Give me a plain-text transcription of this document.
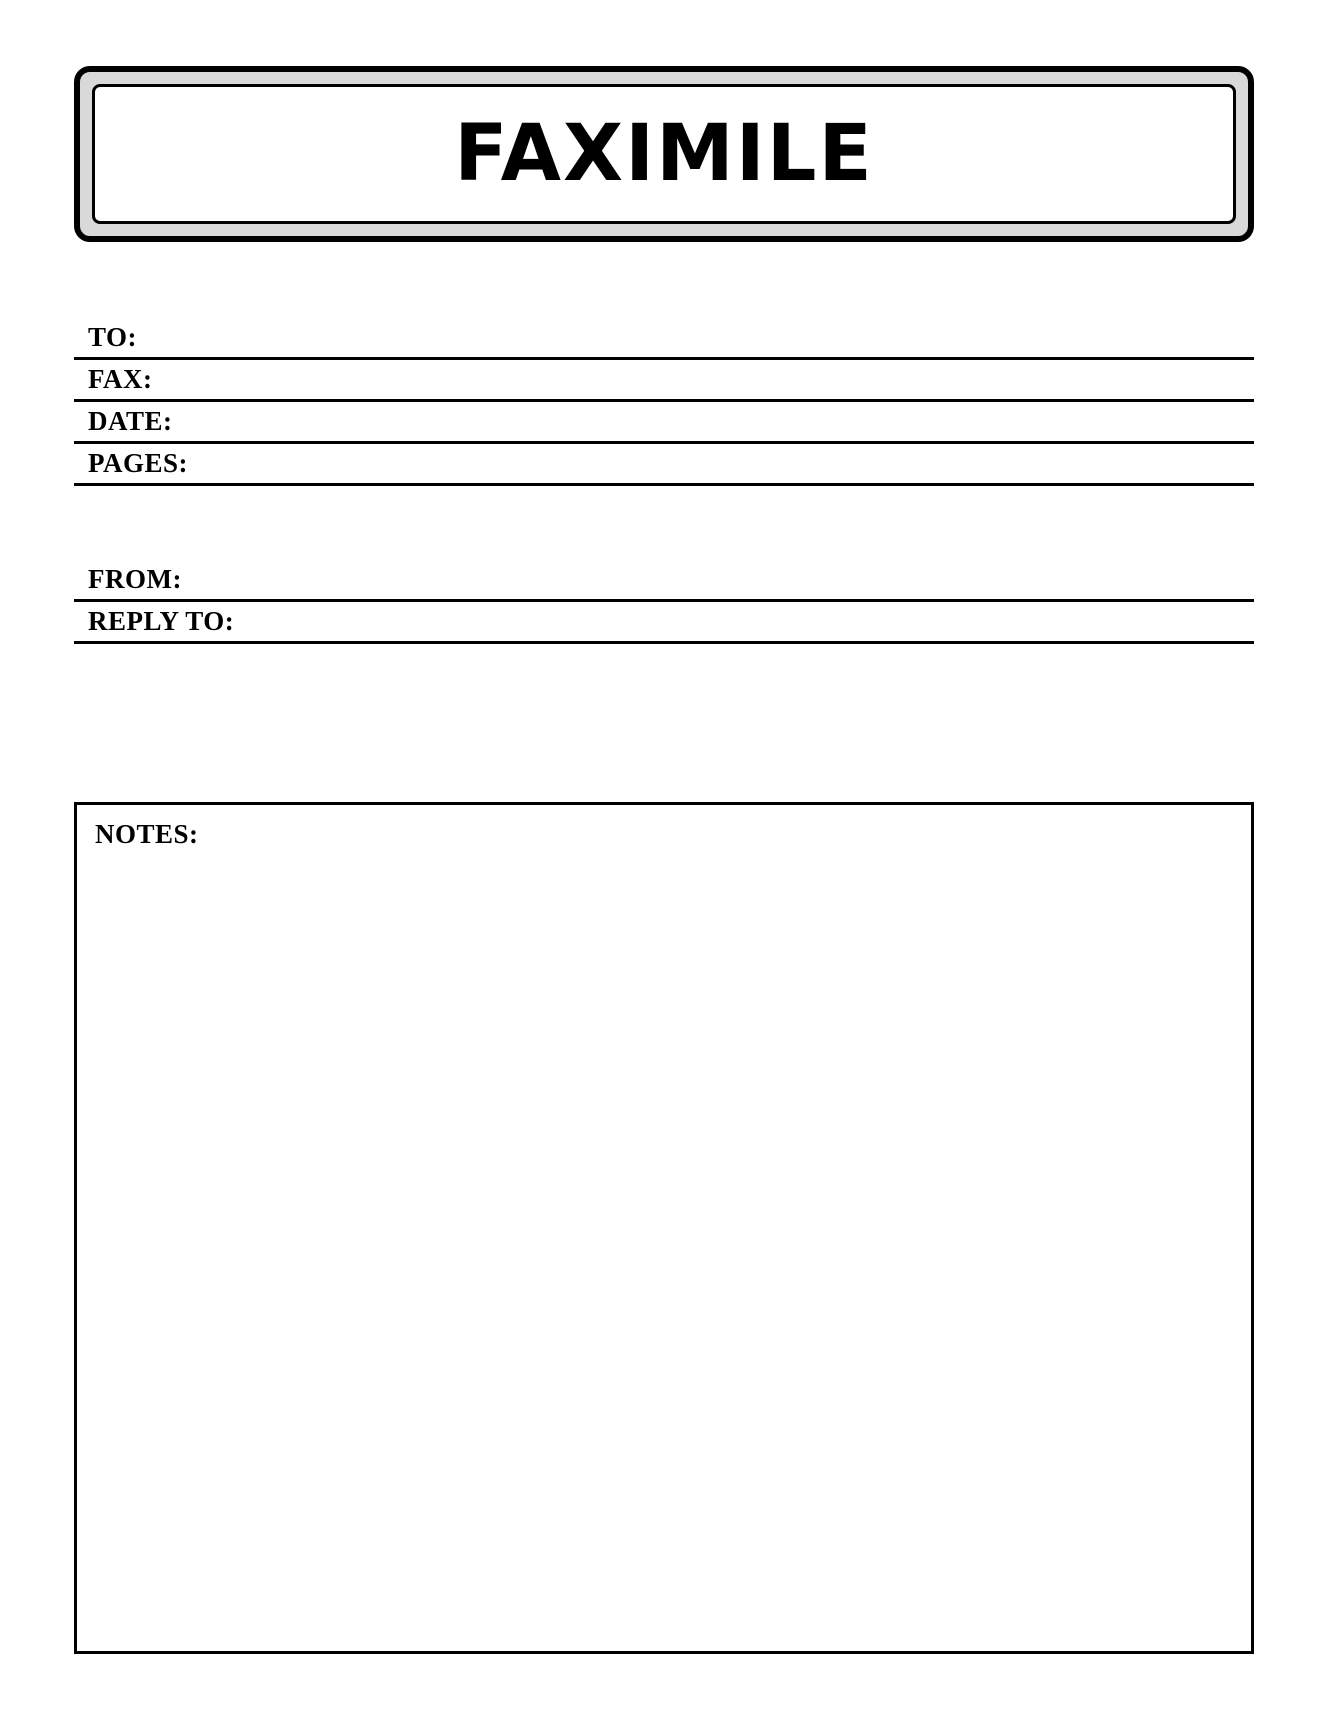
FAXIMILE
TO:
FAX:
DATE:
PAGES:
FROM:
REPLY TO:
NOTES:
